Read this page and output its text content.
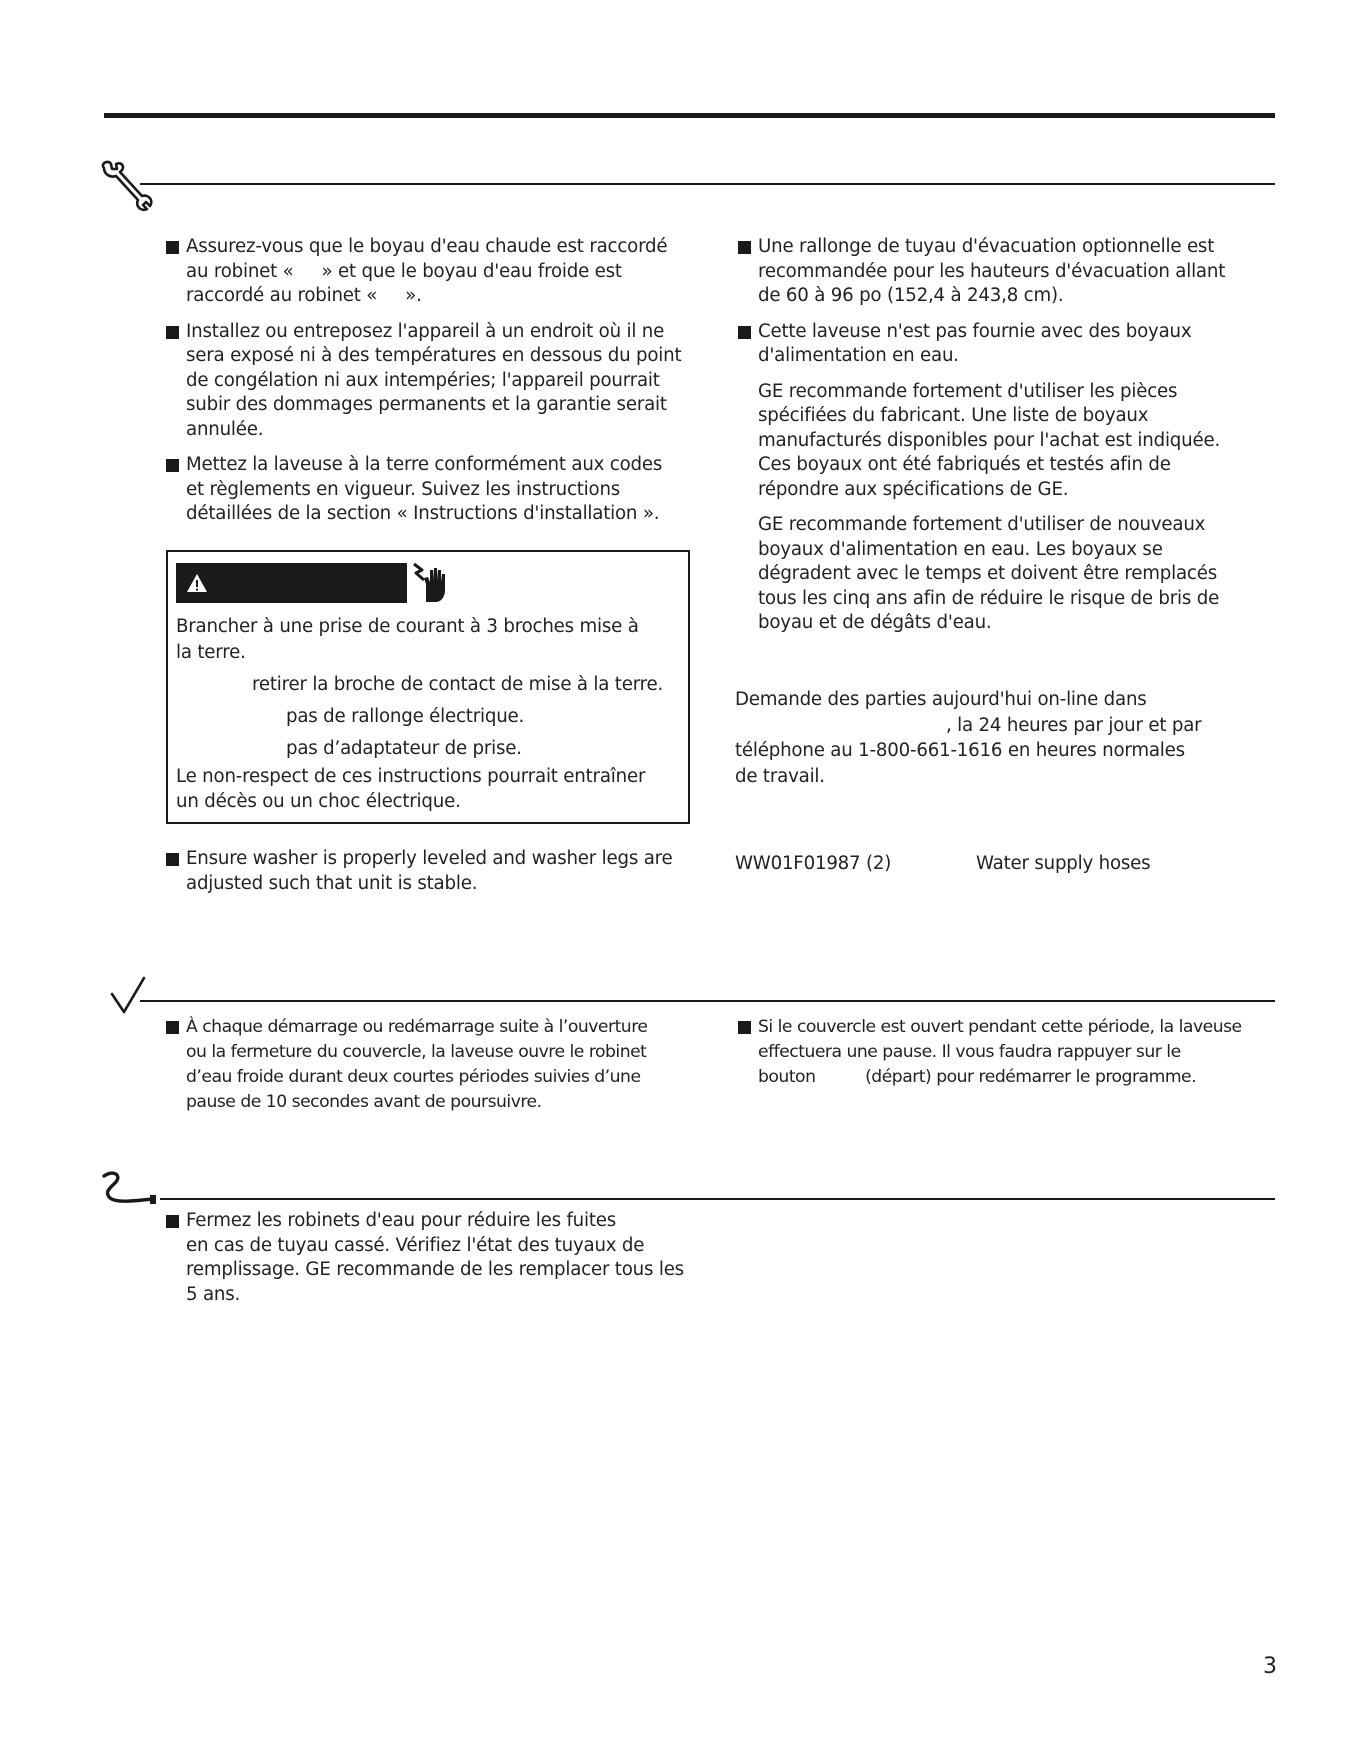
Assurez-vous que le boyau d'eau chaude est raccordé
au robinet «     » et que le boyau d'eau froide est
raccordé au robinet «     ».
Installez ou entreposez l'appareil à un endroit où il ne
sera exposé ni à des températures en dessous du point
de congélation ni aux intempéries; l'appareil pourrait
subir des dommages permanents et la garantie serait
annulée.
Mettez la laveuse à la terre conformément aux codes
et règlements en vigueur. Suivez les instructions
détaillées de la section « Instructions d'installation ».
Brancher à une prise de courant à 3 broches mise à
la terre.
retirer la broche de contact de mise à la terre.
pas de rallonge électrique.
pas d’adaptateur de prise.
Le non-respect de ces instructions pourrait entraîner
un décès ou un choc électrique.
Ensure washer is properly leveled and washer legs are
adjusted such that unit is stable.
Une rallonge de tuyau d'évacuation optionnelle est
recommandée pour les hauteurs d'évacuation allant
de 60 à 96 po (152,4 à 243,8 cm).
Cette laveuse n'est pas fournie avec des boyaux
d'alimentation en eau.
GE recommande fortement d'utiliser les pièces
spécifiées du fabricant. Une liste de boyaux
manufacturés disponibles pour l'achat est indiquée.
Ces boyaux ont été fabriqués et testés afin de
répondre aux spécifications de GE.
GE recommande fortement d'utiliser de nouveaux
boyaux d'alimentation en eau. Les boyaux se
dégradent avec le temps et doivent être remplacés
tous les cinq ans afin de réduire le risque de bris de
boyau et de dégâts d'eau.
Demande des parties aujourd'hui on-line dans
, la 24 heures par jour et par
téléphone au 1-800-661-1616 en heures normales
de travail.
WW01F01987 (2)	Water supply hoses
À chaque démarrage ou redémarrage suite à l’ouverture
ou la fermeture du couvercle, la laveuse ouvre le robinet
d’eau froide durant deux courtes périodes suivies d’une
pause de 10 secondes avant de poursuivre.
Si le couvercle est ouvert pendant cette période, la laveuse
effectuera une pause. Il vous faudra rappuyer sur le
bouton          (départ) pour redémarrer le programme.
Fermez les robinets d'eau pour réduire les fuites
en cas de tuyau cassé. Vérifiez l'état des tuyaux de
remplissage. GE recommande de les remplacer tous les
5 ans.
3
